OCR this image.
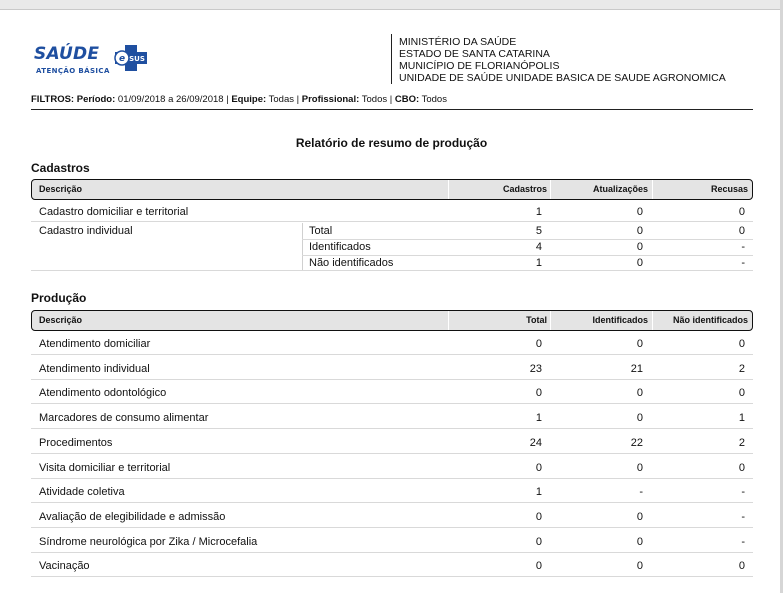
SAÚDE
ATENÇÃO BÁSICA
e SUS
MINISTÉRIO DA SAÚDE
ESTADO DE SANTA CATARINA
MUNICÍPIO DE FLORIANÓPOLIS
UNIDADE DE SAÚDE UNIDADE BASICA DE SAUDE AGRONOMICA
FILTROS: Período: 01/09/2018 a 26/09/2018 | Equipe: Todas | Profissional: Todos | CBO: Todos
Relatório de resumo de produção
Cadastros
Descrição	Cadastros	Atualizações	Recusas
Cadastro domiciliar e territorial	1	0	0
Cadastro individual	Total	5	0	0
Identificados	4	0	-
Não identificados	1	0	-
Produção
Descrição	Total	Identificados	Não identificados
Atendimento domiciliar	0	0	0
Atendimento individual	23	21	2
Atendimento odontológico	0	0	0
Marcadores de consumo alimentar	1	0	1
Procedimentos	24	22	2
Visita domiciliar e territorial	0	0	0
Atividade coletiva	1	-	-
Avaliação de elegibilidade e admissão	0	0	-
Síndrome neurológica por Zika / Microcefalia	0	0	-
Vacinação	0	0	0
